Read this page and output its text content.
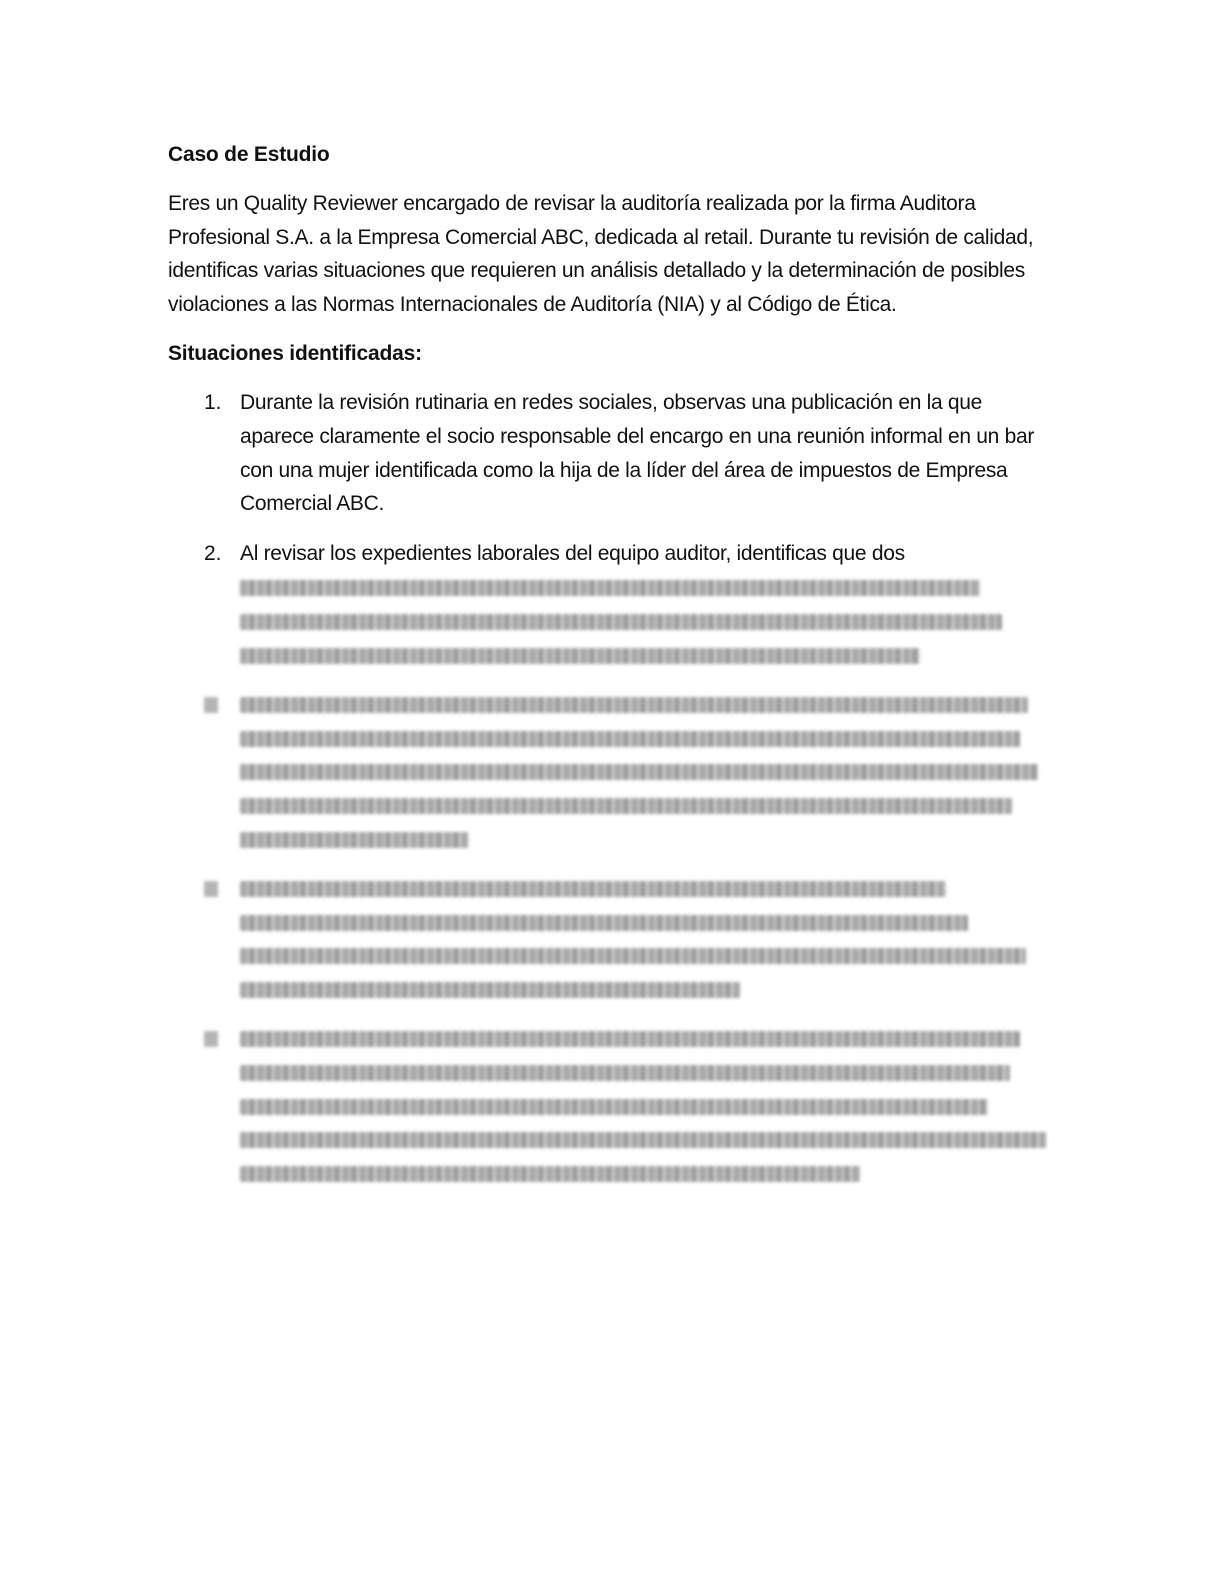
Caso de Estudio

Eres un Quality Reviewer encargado de revisar la auditoría realizada por la firma Auditora Profesional S.A. a la Empresa Comercial ABC, dedicada al retail. Durante tu revisión de calidad, identificas varias situaciones que requieren un análisis detallado y la determinación de posibles violaciones a las Normas Internacionales de Auditoría (NIA) y al Código de Ética.

Situaciones identificadas:
1. Durante la revisión rutinaria en redes sociales, observas una publicación en la que aparece claramente el socio responsable del encargo en una reunión informal en un bar con una mujer identificada como la hija de la líder del área de impuestos de Empresa Comercial ABC.
2. Al revisar los expedientes laborales del equipo auditor, identificas que dos
